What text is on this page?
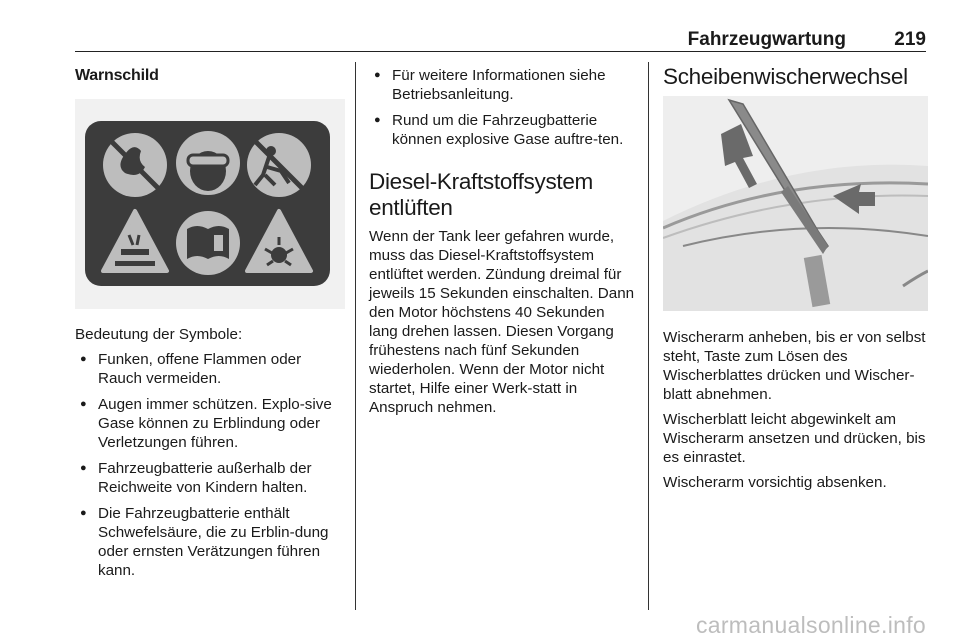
Fahrzeugwartung	219
Warnschild

Bedeutung der Symbole:

● Funken, offene Flammen oder Rauch vermeiden.
● Augen immer schützen. Explo-sive Gase können zu Erblindung oder Verletzungen führen.
● Fahrzeugbatterie außerhalb der Reichweite von Kindern halten.
● Die Fahrzeugbatterie enthält Schwefelsäure, die zu Erblin-dung oder ernsten Verätzungen führen kann.
● Für weitere Informationen siehe Betriebsanleitung.
● Rund um die Fahrzeugbatterie können explosive Gase auftre-ten.
Diesel-Kraftstoffsystem entlüften

Wenn der Tank leer gefahren wurde, muss das Diesel-Kraftstoffsystem entlüftet werden. Zündung dreimal für jeweils 15 Sekunden einschalten. Dann den Motor höchstens 40 Sekunden lang drehen lassen. Diesen Vorgang frühestens nach fünf Sekunden wiederholen. Wenn der Motor nicht startet, Hilfe einer Werk-statt in Anspruch nehmen.

Scheibenwischerwechsel

Wischerarm anheben, bis er von selbst steht, Taste zum Lösen des Wischerblattes drücken und Wischer-blatt abnehmen.

Wischerblatt leicht abgewinkelt am Wischerarm ansetzen und drücken, bis es einrastet.

Wischerarm vorsichtig absenken.

carmanualsonline.info
